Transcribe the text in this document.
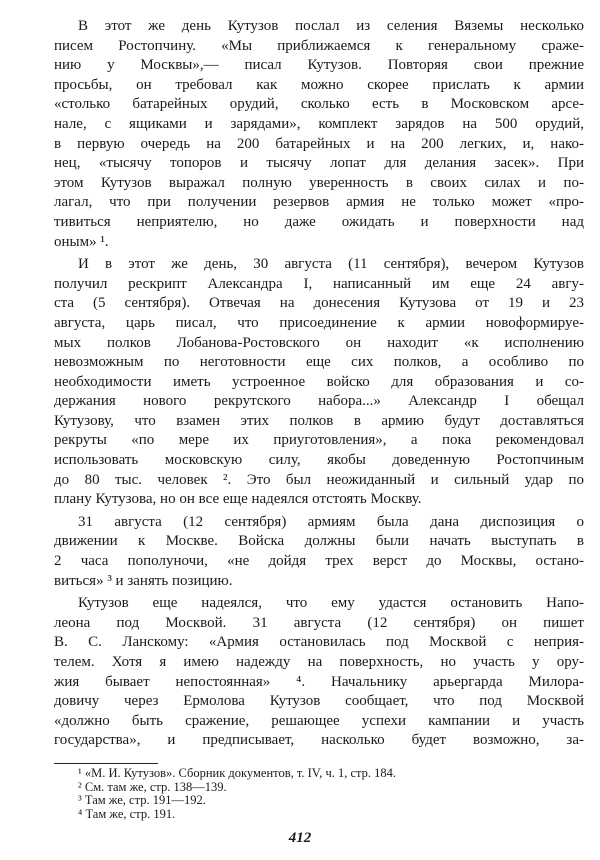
В этот же день Кутузов послал из селения Вяземы несколько
писем Ростопчину. «Мы приближаемся к генеральному сраже-
нию у Москвы»,— писал Кутузов. Повторяя свои прежние
просьбы, он требовал как можно скорее прислать к армии
«столько батарейных орудий, сколько есть в Московском арсе-
нале, с ящиками и зарядами», комплект зарядов на 500 орудий,
в первую очередь на 200 батарейных и на 200 легких, и, нако-
нец, «тысячу топоров и тысячу лопат для делания засек». При
этом Кутузов выражал полную уверенность в своих силах и по-
лагал, что при получении резервов армия не только может «про-
тивиться неприятелю, но даже ожидать и поверхности над
оным» ¹.
И в этот же день, 30 августа (11 сентября), вечером Кутузов
получил рескрипт Александра I, написанный им еще 24 авгу-
ста (5 сентября). Отвечая на донесения Кутузова от 19 и 23
августа, царь писал, что присоединение к армии новоформируе-
мых полков Лобанова-Ростовского он находит «к исполнению
невозможным по неготовности еще сих полков, а особливо по
необходимости иметь устроенное войско для образования и со-
держания нового рекрутского набора...» Александр I обещал
Кутузову, что взамен этих полков в армию будут доставляться
рекруты «по мере их приуготовления», а пока рекомендовал
использовать московскую силу, якобы доведенную Ростопчиным
до 80 тыс. человек ². Это был неожиданный и сильный удар по
плану Кутузова, но он все еще надеялся отстоять Москву.
31 августа (12 сентября) армиям была дана диспозиция о
движении к Москве. Войска должны были начать выступать в
2 часа пополуночи, «не дойдя трех верст до Москвы, остано-
виться» ³ и занять позицию.
Кутузов еще надеялся, что ему удастся остановить Напо-
леона под Москвой. 31 августа (12 сентября) он пишет
В. С. Ланскому: «Армия остановилась под Москвой с неприя-
телем. Хотя я имею надежду на поверхность, но участь у ору-
жия бывает непостоянная» ⁴. Начальнику арьергарда Милора-
довичу через Ермолова Кутузов сообщает, что под Москвой
«должно быть сражение, решающее успехи кампании и участь
государства», и предписывает, насколько будет возможно, за-
¹ «М. И. Кутузов». Сборник документов, т. IV, ч. 1, стр. 184.
² См. там же, стр. 138—139.
³ Там же, стр. 191—192.
⁴ Там же, стр. 191.
412
